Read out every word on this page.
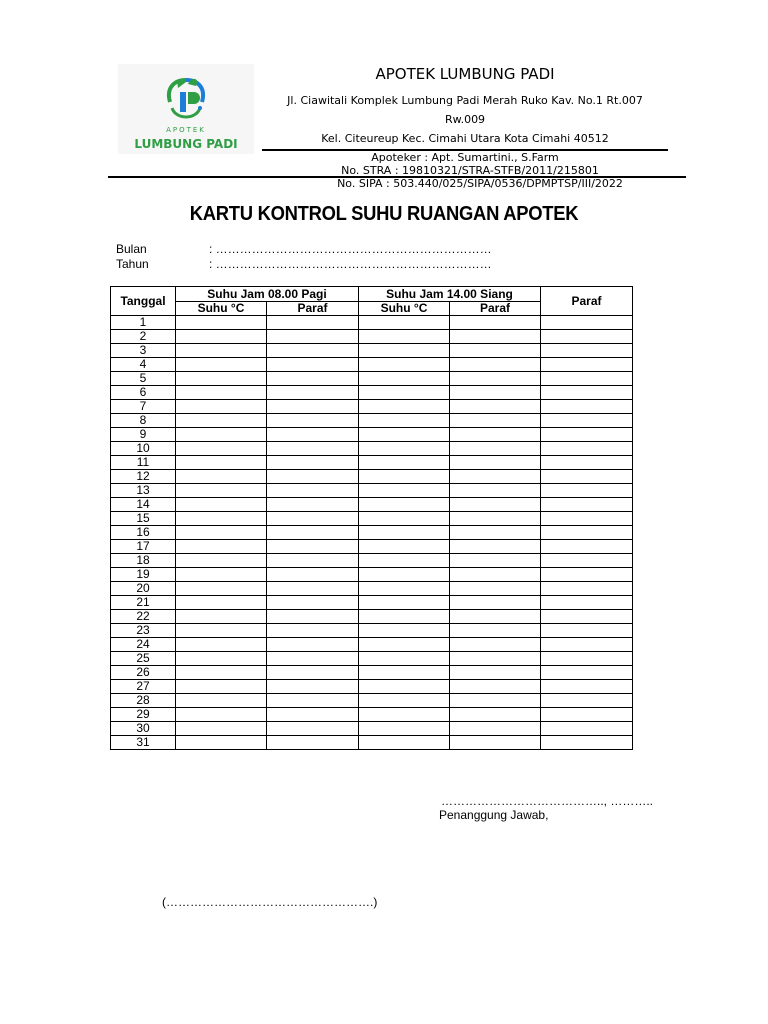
APOTEK
LUMBUNG PADI
APOTEK LUMBUNG PADI
Jl. Ciawitali Komplek Lumbung Padi Merah Ruko Kav. No.1 Rt.007
Rw.009
Kel. Citeureup Kec. Cimahi Utara Kota Cimahi 40512
Apoteker : Apt. Sumartini., S.Farm
No. STRA : 19810321/STRA-STFB/2011/215801
No. SIPA : 503.440/025/SIPA/0536/DPMPTSP/III/2022
KARTU KONTROL SUHU RUANGAN APOTEK
Bulan	: ……………………………………………………………
Tahun	: ……………………………………………………………
Tanggal	Suhu Jam 08.00 Pagi		Suhu Jam 14.00 Siang		Paraf
	Suhu °C	Paraf	Suhu °C	Paraf	
1					
2					
3					
4					
5					
6					
7					
8					
9					
10					
11					
12					
13					
14					
15					
16					
17					
18					
19					
20					
21					
22					
23					
24					
25					
26					
27					
28					
29					
30					
31					
………………………………….., ………..
Penanggung Jawab,
(…………………………………………….)
